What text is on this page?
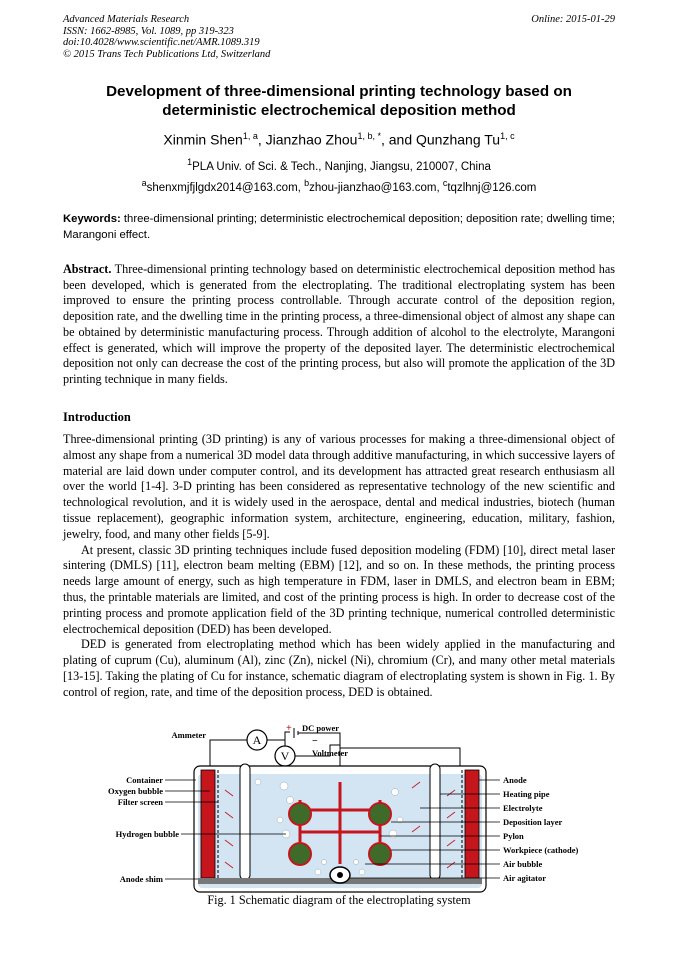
Advanced Materials Research
ISSN: 1662-8985, Vol. 1089, pp 319-323
doi:10.4028/www.scientific.net/AMR.1089.319
© 2015 Trans Tech Publications Ltd, Switzerland
Online: 2015-01-29
Development of three-dimensional printing technology based on deterministic electrochemical deposition method
Xinmin Shen$^{1, a}$, Jianzhao Zhou$^{1, b, *}$, and Qunzhang Tu$^{1, c}$
$^1$PLA Univ. of Sci. & Tech., Nanjing, Jiangsu, 210007, China
$^a$shenxmjfjlgdx2014@163.com, $^b$zhou-jianzhao@163.com, $^c$tqzlhnj@126.com
Keywords: three-dimensional printing; deterministic electrochemical deposition; deposition rate; dwelling time; Marangoni effect.
Abstract. Three-dimensional printing technology based on deterministic electrochemical deposition method has been developed, which is generated from the electroplating. The traditional electroplating system has been improved to ensure the printing process controllable. Through accurate control of the deposition region, deposition rate, and the dwelling time in the printing process, a three-dimensional object of almost any shape can be obtained by deterministic manufacturing process. Through addition of alcohol to the electrolyte, Marangoni effect is generated, which will improve the property of the deposited layer. The deterministic electrochemical deposition not only can decrease the cost of the printing process, but also will promote the application of the 3D printing technique in many fields.
Introduction

Three-dimensional printing (3D printing) is any of various processes for making a three-dimensional object of almost any shape from a numerical 3D model data through additive manufacturing, in which successive layers of material are laid down under computer control, and its development has attracted great research enthusiasm all over the world [1-4]. 3-D printing has been considered as representative technology of the new scientific and technological revolution, and it is widely used in the aerospace, dental and medical industries, biotech (human tissue replacement), geographic information system, architecture, engineering, education, military, fashion, jewelry, food, and many other fields [5-9].

At present, classic 3D printing techniques include fused deposition modeling (FDM) [10], direct metal laser sintering (DMLS) [11], electron beam melting (EBM) [12], and so on. In these methods, the printing process needs large amount of energy, such as high temperature in FDM, laser in DMLS, and electron beam in EBM; thus, the printable materials are limited, and cost of the printing process is high. In order to decrease cost of the printing process and promote application field of the 3D printing technique, numerical controlled deterministic electrochemical deposition (DED) has been developed.

DED is generated from electroplating method which has been widely applied in the manufacturing and plating of cuprum (Cu), aluminum (Al), zinc (Zn), nickel (Ni), chromium (Cr), and many other metal materials [13-15]. Taking the plating of Cu for instance, schematic diagram of electroplating system is shown in Fig. 1. By control of region, rate, and time of the deposition process, DED is obtained.

A
V
Ammeter
DC power
+
−
Voltmeter
Container
Oxygen bubble
Filter screen
Hydrogen bubble
Anode shim
Anode
Heating pipe
Electrolyte
Deposition layer
Pylon
Workpiece (cathode)
Air bubble
Air agitator
Fig. 1 Schematic diagram of the electroplating system
